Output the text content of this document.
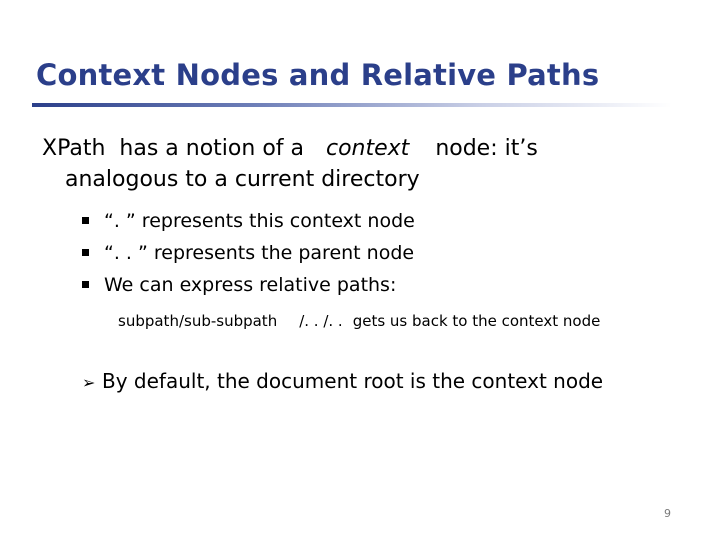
Context Nodes and Relative Paths
XPath has a notion of a context node: it’s
analogous to a current directory
“. ” represents this context node
“. . ” represents the parent node
We can express relative paths:
subpath/sub-subpath /. . /. . gets us back to the context node
➢ By default, the document root is the context node
9
